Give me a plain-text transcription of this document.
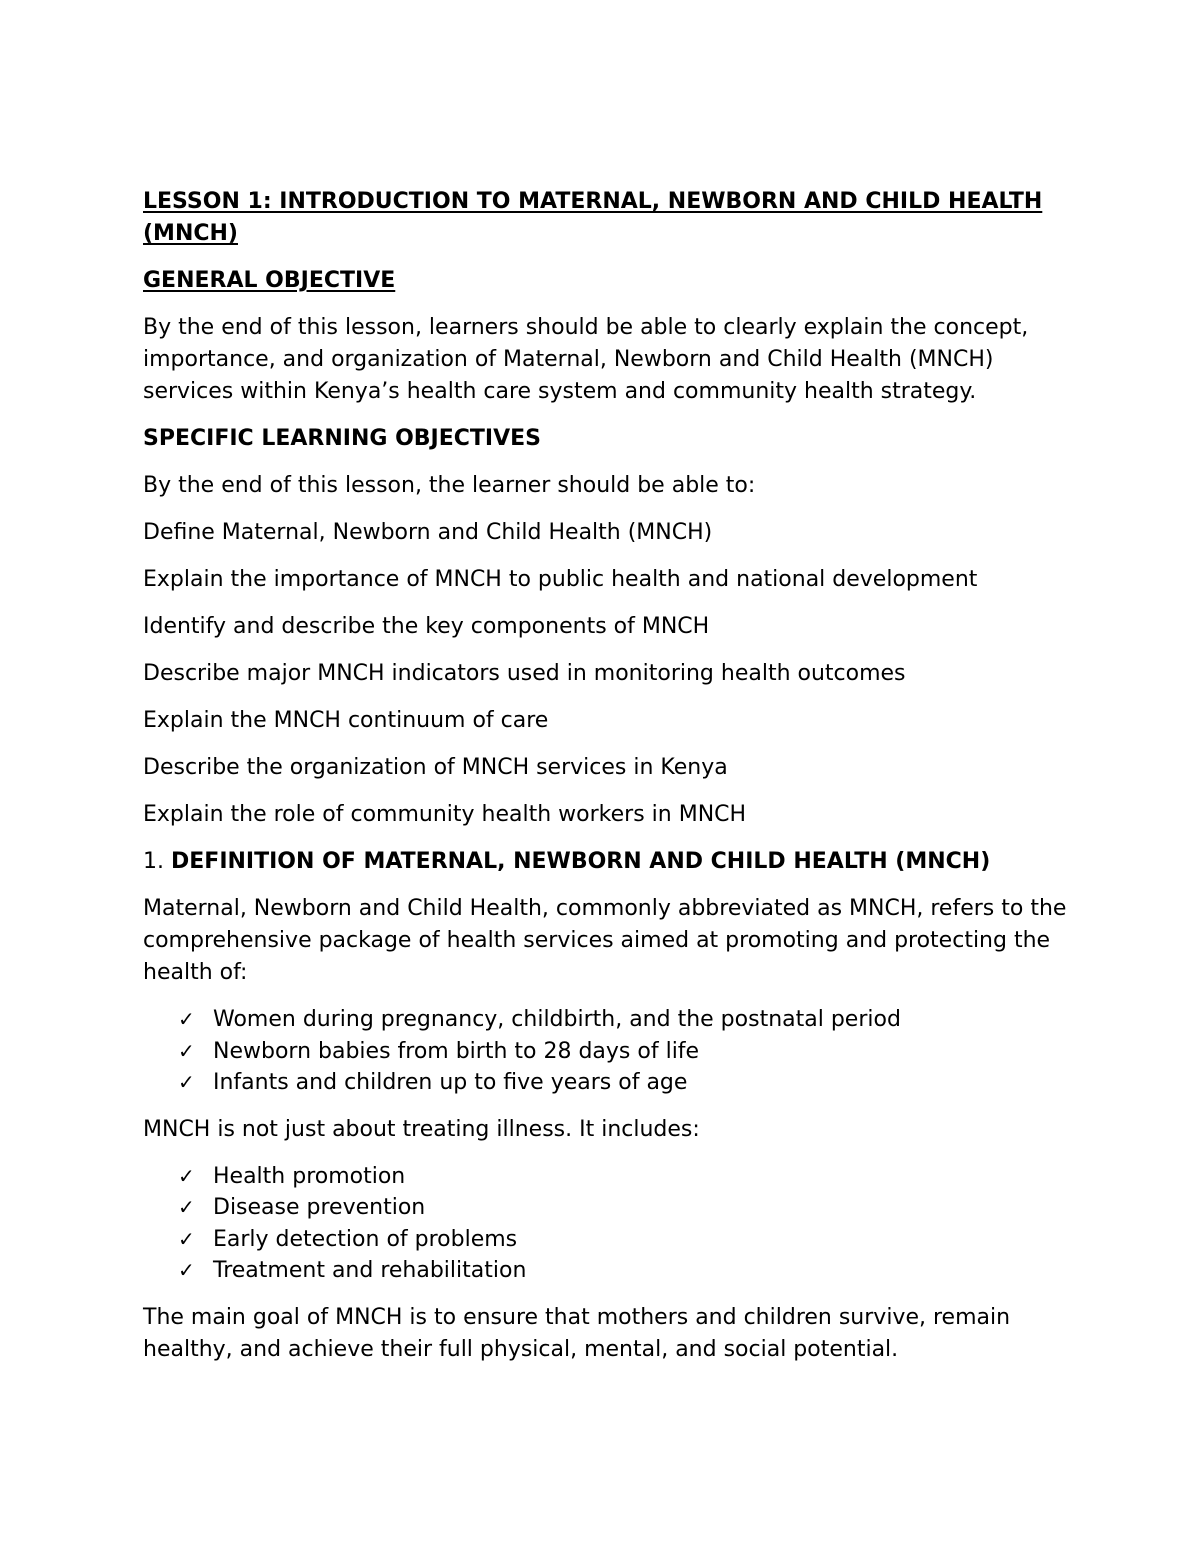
LESSON 1: INTRODUCTION TO MATERNAL, NEWBORN AND CHILD HEALTH (MNCH)

GENERAL OBJECTIVE

By the end of this lesson, learners should be able to clearly explain the concept, importance, and organization of Maternal, Newborn and Child Health (MNCH) services within Kenya’s health care system and community health strategy.

SPECIFIC LEARNING OBJECTIVES

By the end of this lesson, the learner should be able to:

Define Maternal, Newborn and Child Health (MNCH)

Explain the importance of MNCH to public health and national development

Identify and describe the key components of MNCH

Describe major MNCH indicators used in monitoring health outcomes

Explain the MNCH continuum of care

Describe the organization of MNCH services in Kenya

Explain the role of community health workers in MNCH

1. DEFINITION OF MATERNAL, NEWBORN AND CHILD HEALTH (MNCH)

Maternal, Newborn and Child Health, commonly abbreviated as MNCH, refers to the comprehensive package of health services aimed at promoting and protecting the health of:

✓ Women during pregnancy, childbirth, and the postnatal period
✓ Newborn babies from birth to 28 days of life
✓ Infants and children up to five years of age

MNCH is not just about treating illness. It includes:

✓ Health promotion
✓ Disease prevention
✓ Early detection of problems
✓ Treatment and rehabilitation

The main goal of MNCH is to ensure that mothers and children survive, remain healthy, and achieve their full physical, mental, and social potential.
